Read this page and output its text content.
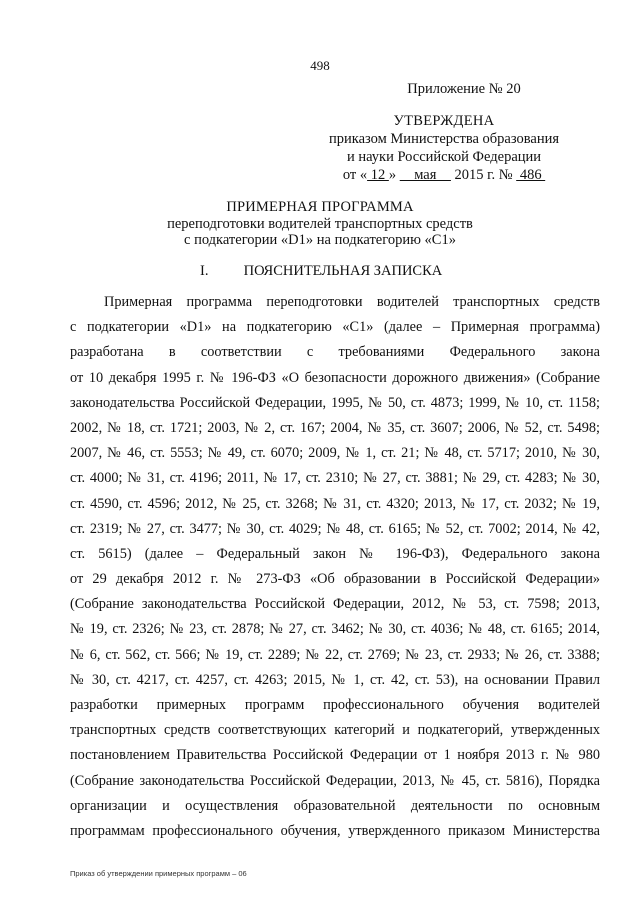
498
Приложение № 20
УТВЕРЖДЕНА
приказом Министерства образования
и науки Российской Федерации
от « 12 »     мая     2015 г. №  486
ПРИМЕРНАЯ ПРОГРАММА
переподготовки водителей транспортных средств
с подкатегории «D1» на подкатегорию «C1»
I. ПОЯСНИТЕЛЬНАЯ ЗАПИСКА
Примерная программа переподготовки водителей транспортных средств
с подкатегории «D1» на подкатегорию «C1» (далее – Примерная программа)
разработана в соответствии с требованиями Федерального закона
от 10 декабря 1995 г. № 196-ФЗ «О безопасности дорожного движения» (Собрание
законодательства Российской Федерации, 1995, № 50, ст. 4873; 1999, № 10, ст. 1158;
2002, № 18, ст. 1721; 2003, № 2, ст. 167; 2004, № 35, ст. 3607; 2006, № 52, ст. 5498;
2007, № 46, ст. 5553; № 49, ст. 6070; 2009, № 1, ст. 21; № 48, ст. 5717; 2010, № 30,
ст. 4000; № 31, ст. 4196; 2011, № 17, ст. 2310; № 27, ст. 3881; № 29, ст. 4283; № 30,
ст. 4590, ст. 4596; 2012, № 25, ст. 3268; № 31, ст. 4320; 2013, № 17, ст. 2032; № 19,
ст. 2319; № 27, ст. 3477; № 30, ст. 4029; № 48, ст. 6165; № 52, ст. 7002; 2014, № 42,
ст. 5615) (далее – Федеральный закон № 196-ФЗ), Федерального закона
от 29 декабря 2012 г. № 273-ФЗ «Об образовании в Российской Федерации»
(Собрание законодательства Российской Федерации, 2012, № 53, ст. 7598; 2013,
№ 19, ст. 2326; № 23, ст. 2878; № 27, ст. 3462; № 30, ст. 4036; № 48, ст. 6165; 2014,
№ 6, ст. 562, ст. 566; № 19, ст. 2289; № 22, ст. 2769; № 23, ст. 2933; № 26, ст. 3388;
№ 30, ст. 4217, ст. 4257, ст. 4263; 2015, № 1, ст. 42, ст. 53), на основании Правил
разработки примерных программ профессионального обучения водителей
транспортных средств соответствующих категорий и подкатегорий, утвержденных
постановлением Правительства Российской Федерации от 1 ноября 2013 г. № 980
(Собрание законодательства Российской Федерации, 2013, № 45, ст. 5816), Порядка
организации и осуществления образовательной деятельности по основным
программам профессионального обучения, утвержденного приказом Министерства
Приказ об утверждении примерных программ – 06
